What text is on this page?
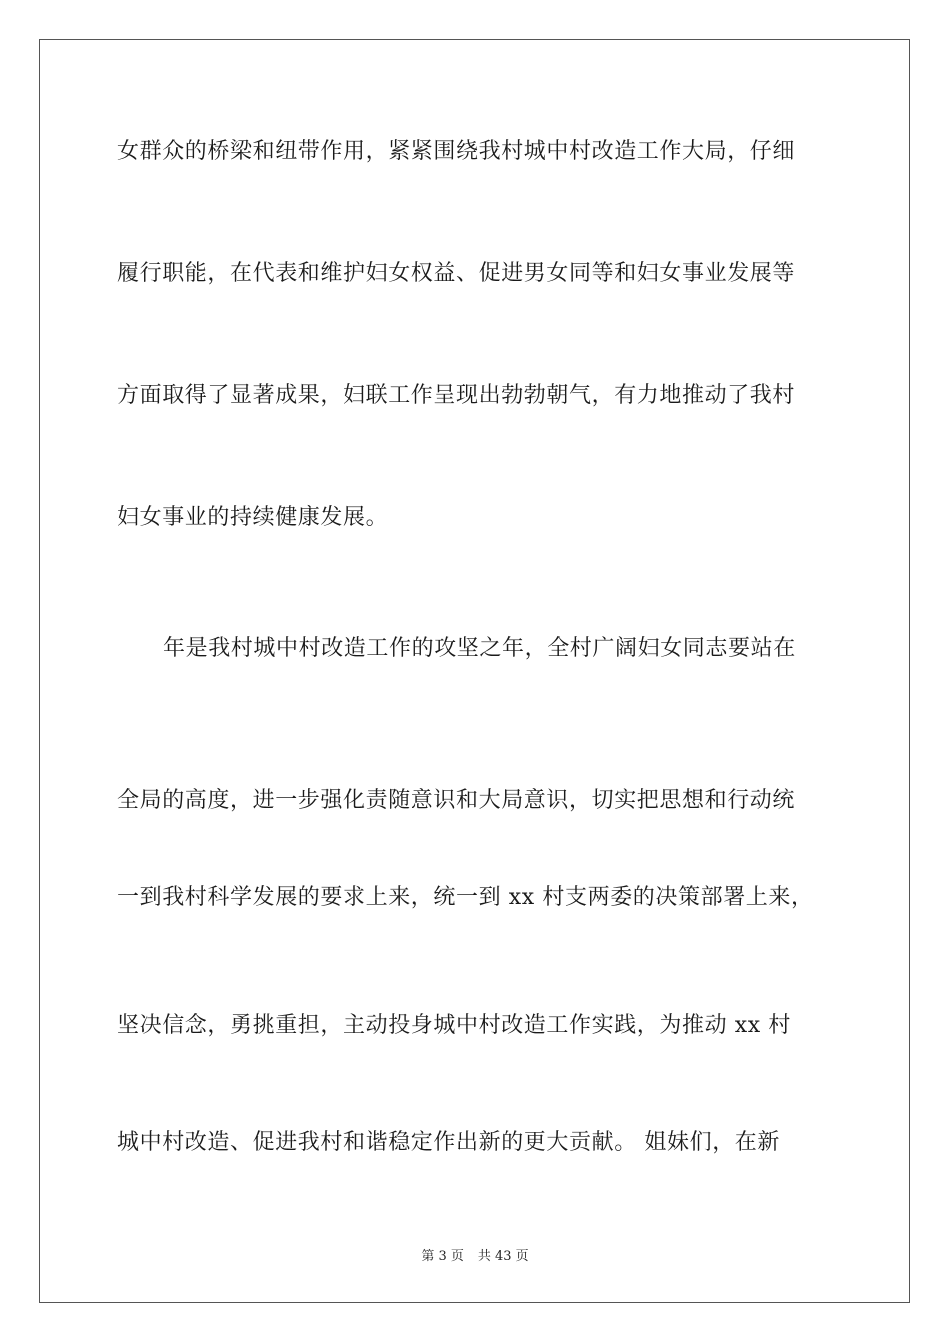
女群众的桥梁和纽带作用，紧紧围绕我村城中村改造工作大局，仔细
履行职能，在代表和维护妇女权益、促进男女同等和妇女事业发展等
方面取得了显著成果，妇联工作呈现出勃勃朝气，有力地推动了我村
妇女事业的持续健康发展。
年是我村城中村改造工作的攻坚之年，全村广阔妇女同志要站在
全局的高度，进一步强化责随意识和大局意识，切实把思想和行动统
一到我村科学发展的要求上来，统一到 xx 村支两委的决策部署上来，
坚决信念，勇挑重担，主动投身城中村改造工作实践，为推动 xx 村
城中村改造、促进我村和谐稳定作出新的更大贡献。 姐妹们，在新
第 3 页 共 43 页
